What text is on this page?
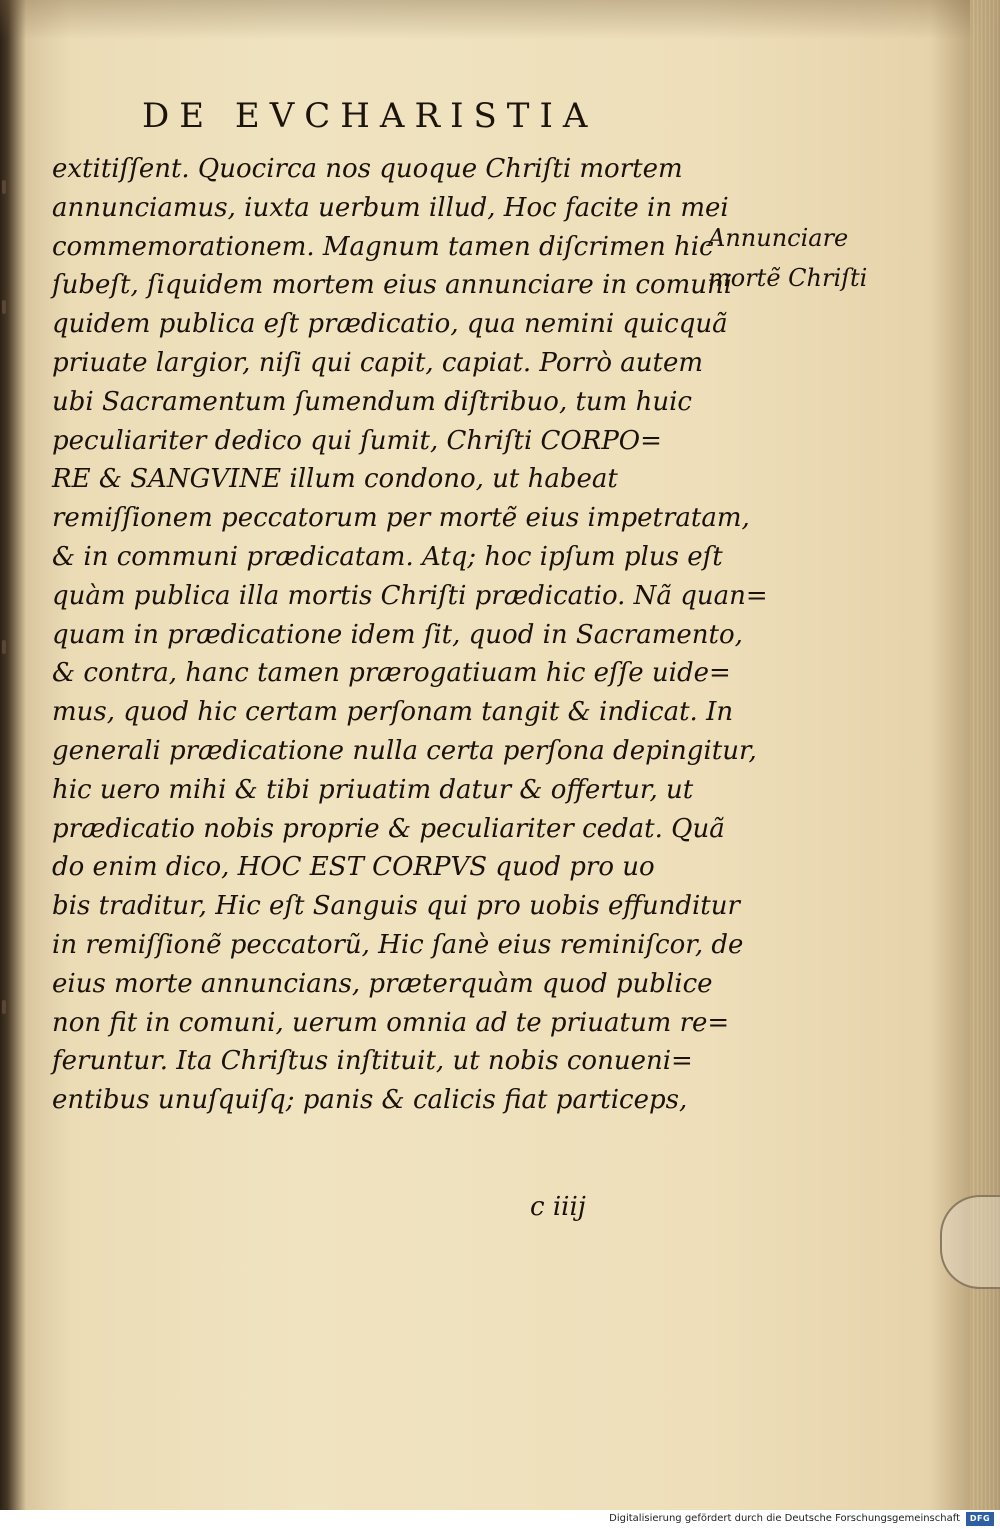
DE EVCHARISTIA
extitiſſent. Quocirca nos quoque Chriſti mortem
annunciamus, iuxta uerbum illud, Hoc facite in mei
commemorationem. Magnum tamen diſcrimen hic
ſubeſt, ſiquidem mortem eius annunciare in comuni
quidem publica eſt prædicatio, qua nemini quicquã
priuate largior, niſi qui capit, capiat. Porrò autem
ubi Sacramentum ſumendum diſtribuo, tum huic
peculiariter dedico qui ſumit, Chriſti CORPO=
RE & SANGVINE illum condono, ut habeat
remiſſionem peccatorum per mortẽ eius impetratam,
& in communi prædicatam. Atq; hoc ipſum plus eſt
quàm publica illa mortis Chriſti prædicatio. Nã quan=
quam in prædicatione idem ſit, quod in Sacramento,
& contra, hanc tamen prærogatiuam hic eſſe uide=
mus, quod hic certam perſonam tangit & indicat. In
generali prædicatione nulla certa perſona depingitur,
hic uero mihi & tibi priuatim datur & offertur, ut
prædicatio nobis proprie & peculiariter cedat. Quã
do enim dico, HOC EST CORPVS quod pro uo
bis traditur, Hic eſt Sanguis qui pro uobis effunditur
in remiſſionẽ peccatorũ, Hic ſanè eius reminiſcor, de
eius morte annuncians, præterquàm quod publice
non fit in comuni, uerum omnia ad te priuatum re=
feruntur. Ita Chriſtus inſtituit, ut nobis conueni=
entibus unuſquiſq; panis & calicis fiat particeps,
Annunciare
mortẽ Chriſti
c iiij
Digitalisierung gefördert durch die Deutsche Forschungsgemeinschaft	DFG
